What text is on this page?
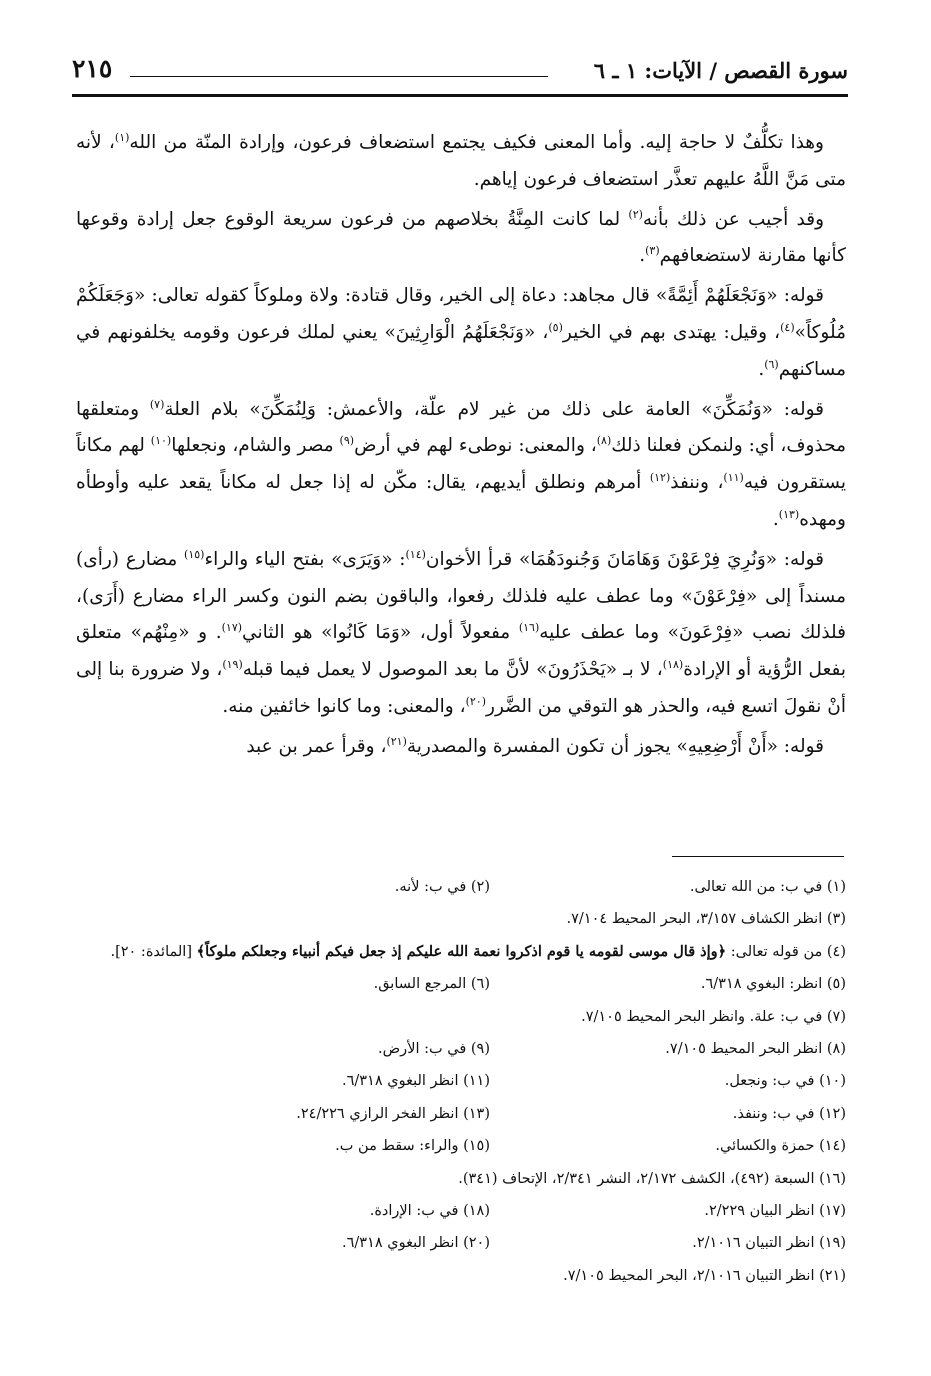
سورة القصص / الآيات: ١ ـ ٦
٢١٥

وهذا تكلُّفٌ لا حاجة إليه. وأما المعنى فكيف يجتمع استضعاف فرعون، وإرادة المنّة من الله$^{(١)}$، لأنه متى مَنَّ اللَّهُ عليهم تعذَّر استضعاف فرعون إياهم.

وقد أجيب عن ذلك بأنه$^{(٢)}$ لما كانت المِنَّةُ بخلاصهم من فرعون سريعة الوقوع جعل إرادة وقوعها كأنها مقارنة لاستضعافهم$^{(٣)}$.

قوله: «وَنَجْعَلَهُمْ أَئِمَّةً» قال مجاهد: دعاة إلى الخير، وقال قتادة: ولاة وملوكاً كقوله تعالى: «وَجَعَلَكُمْ مُلُوكاً»$^{(٤)}$، وقيل: يهتدى بهم في الخير$^{(٥)}$، «وَنَجْعَلَهُمُ الْوَارِثِينَ» يعني لملك فرعون وقومه يخلفونهم في مساكنهم$^{(٦)}$.

قوله: «وَنُمَكِّنَ» العامة على ذلك من غير لام علّة، والأعمش: وَلِنُمَكِّنَ» بلام العلة$^{(٧)}$ ومتعلقها محذوف، أي: ولنمكن فعلنا ذلك$^{(٨)}$، والمعنى: نوطىء لهم في أرض$^{(٩)}$ مصر والشام، ونجعلها$^{(١٠)}$ لهم مكاناً يستقرون فيه$^{(١١)}$، وننفذ$^{(١٢)}$ أمرهم ونطلق أيديهم، يقال: مكّن له إذا جعل له مكاناً يقعد عليه وأوطأه ومهده$^{(١٣)}$.

قوله: «وَنُرِيَ فِرْعَوْنَ وَهَامَانَ وَجُنودَهُمَا» قرأ الأخوان$^{(١٤)}$: «وَيَرَى» بفتح الياء والراء$^{(١٥)}$ مضارع (رأى) مسنداً إلى «فِرْعَوْنَ» وما عطف عليه فلذلك رفعوا، والباقون بضم النون وكسر الراء مضارع (أَرَى)، فلذلك نصب «فِرْعَونَ» وما عطف عليه$^{(١٦)}$ مفعولاً أول، «وَمَا كَانُوا» هو الثاني$^{(١٧)}$. و «مِنْهُم» متعلق بفعل الرُّؤية أو الإرادة$^{(١٨)}$، لا بـ «يَحْذَرُونَ» لأنَّ ما بعد الموصول لا يعمل فيما قبله$^{(١٩)}$، ولا ضرورة بنا إلى أنْ نقولَ اتسع فيه، والحذر هو التوقي من الضَّرر$^{(٢٠)}$، والمعنى: وما كانوا خائفين منه.

قوله: «أَنْ أَرْضِعِيهِ» يجوز أن تكون المفسرة والمصدرية$^{(٢١)}$، وقرأ عمر بن عبد

(١) في ب: من الله تعالى.
(٢) في ب: لأنه.
(٣) انظر الكشاف ٣/١٥٧، البحر المحيط ٧/١٠٤.
(٤) من قوله تعالى: ﴿وإذ قال موسى لقومه يا قوم اذكروا نعمة الله عليكم إذ جعل فيكم أنبياء وجعلكم ملوكاً﴾ [المائدة: ٢٠].
(٥) انظر: البغوي ٦/٣١٨.
(٦) المرجع السابق.
(٧) في ب: علة. وانظر البحر المحيط ٧/١٠٥.
(٨) انظر البحر المحيط ٧/١٠٥.
(٩) في ب: الأرض.
(١٠) في ب: ونجعل.
(١١) انظر البغوي ٦/٣١٨.
(١٢) في ب: وننفذ.
(١٣) انظر الفخر الرازي ٢٤/٢٢٦.
(١٤) حمزة والكسائي.
(١٥) والراء: سقط من ب.
(١٦) السبعة (٤٩٢)، الكشف ٢/١٧٢، النشر ٢/٣٤١، الإتحاف (٣٤١).
(١٧) انظر البيان ٢/٢٢٩.
(١٨) في ب: الإرادة.
(١٩) انظر التبيان ٢/١٠١٦.
(٢٠) انظر البغوي ٦/٣١٨.
(٢١) انظر التبيان ٢/١٠١٦، البحر المحيط ٧/١٠٥.
